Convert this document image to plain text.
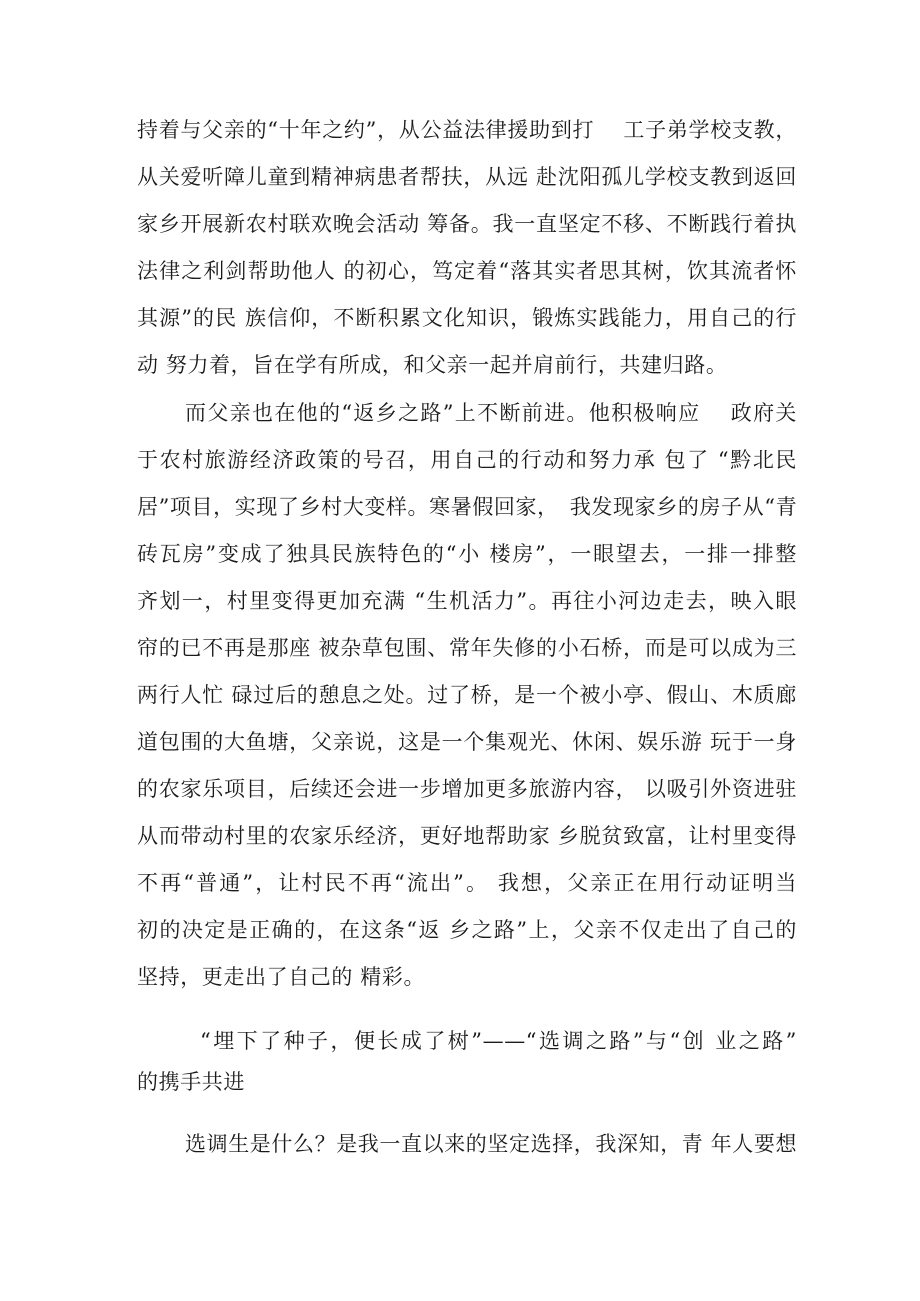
持着与父亲的“十年之约”，从公益法律援助到打　 工子弟学校支教，
从关爱听障儿童到精神病患者帮扶，从远 赴沈阳孤儿学校支教到返回
家乡开展新农村联欢晚会活动 筹备。我一直坚定不移、不断践行着执
法律之利剑帮助他人 的初心，笃定着“落其实者思其树，饮其流者怀
其源”的民 族信仰，不断积累文化知识，锻炼实践能力，用自己的行
动 努力着，旨在学有所成，和父亲一起并肩前行，共建归路。
而父亲也在他的“返乡之路”上不断前进。他积极响应　 政府关
于农村旅游经济政策的号召，用自己的行动和努力承 包了 “黔北民
居”项目，实现了乡村大变样。寒暑假回家，　我发现家乡的房子从“青
砖瓦房”变成了独具民族特色的“小 楼房”，一眼望去，一排一排整
齐划一，村里变得更加充满 “生机活力”。再往小河边走去，映入眼
帘的已不再是那座 被杂草包围、常年失修的小石桥，而是可以成为三
两行人忙 碌过后的憩息之处。过了桥，是一个被小亭、假山、木质廊
道包围的大鱼塘，父亲说，这是一个集观光、休闲、娱乐游 玩于一身
的农家乐项目，后续还会进一步增加更多旅游内容， 以吸引外资进驻
从而带动村里的农家乐经济，更好地帮助家 乡脱贫致富，让村里变得
不再“普通”，让村民不再“流出”。 我想，父亲正在用行动证明当
初的决定是正确的，在这条“返 乡之路”上，父亲不仅走出了自己的
坚持，更走出了自己的 精彩。
“埋下了种子，便长成了树”——“选调之路”与“创 业之路”
的携手共进
选调生是什么？是我一直以来的坚定选择，我深知，青 年人要想
